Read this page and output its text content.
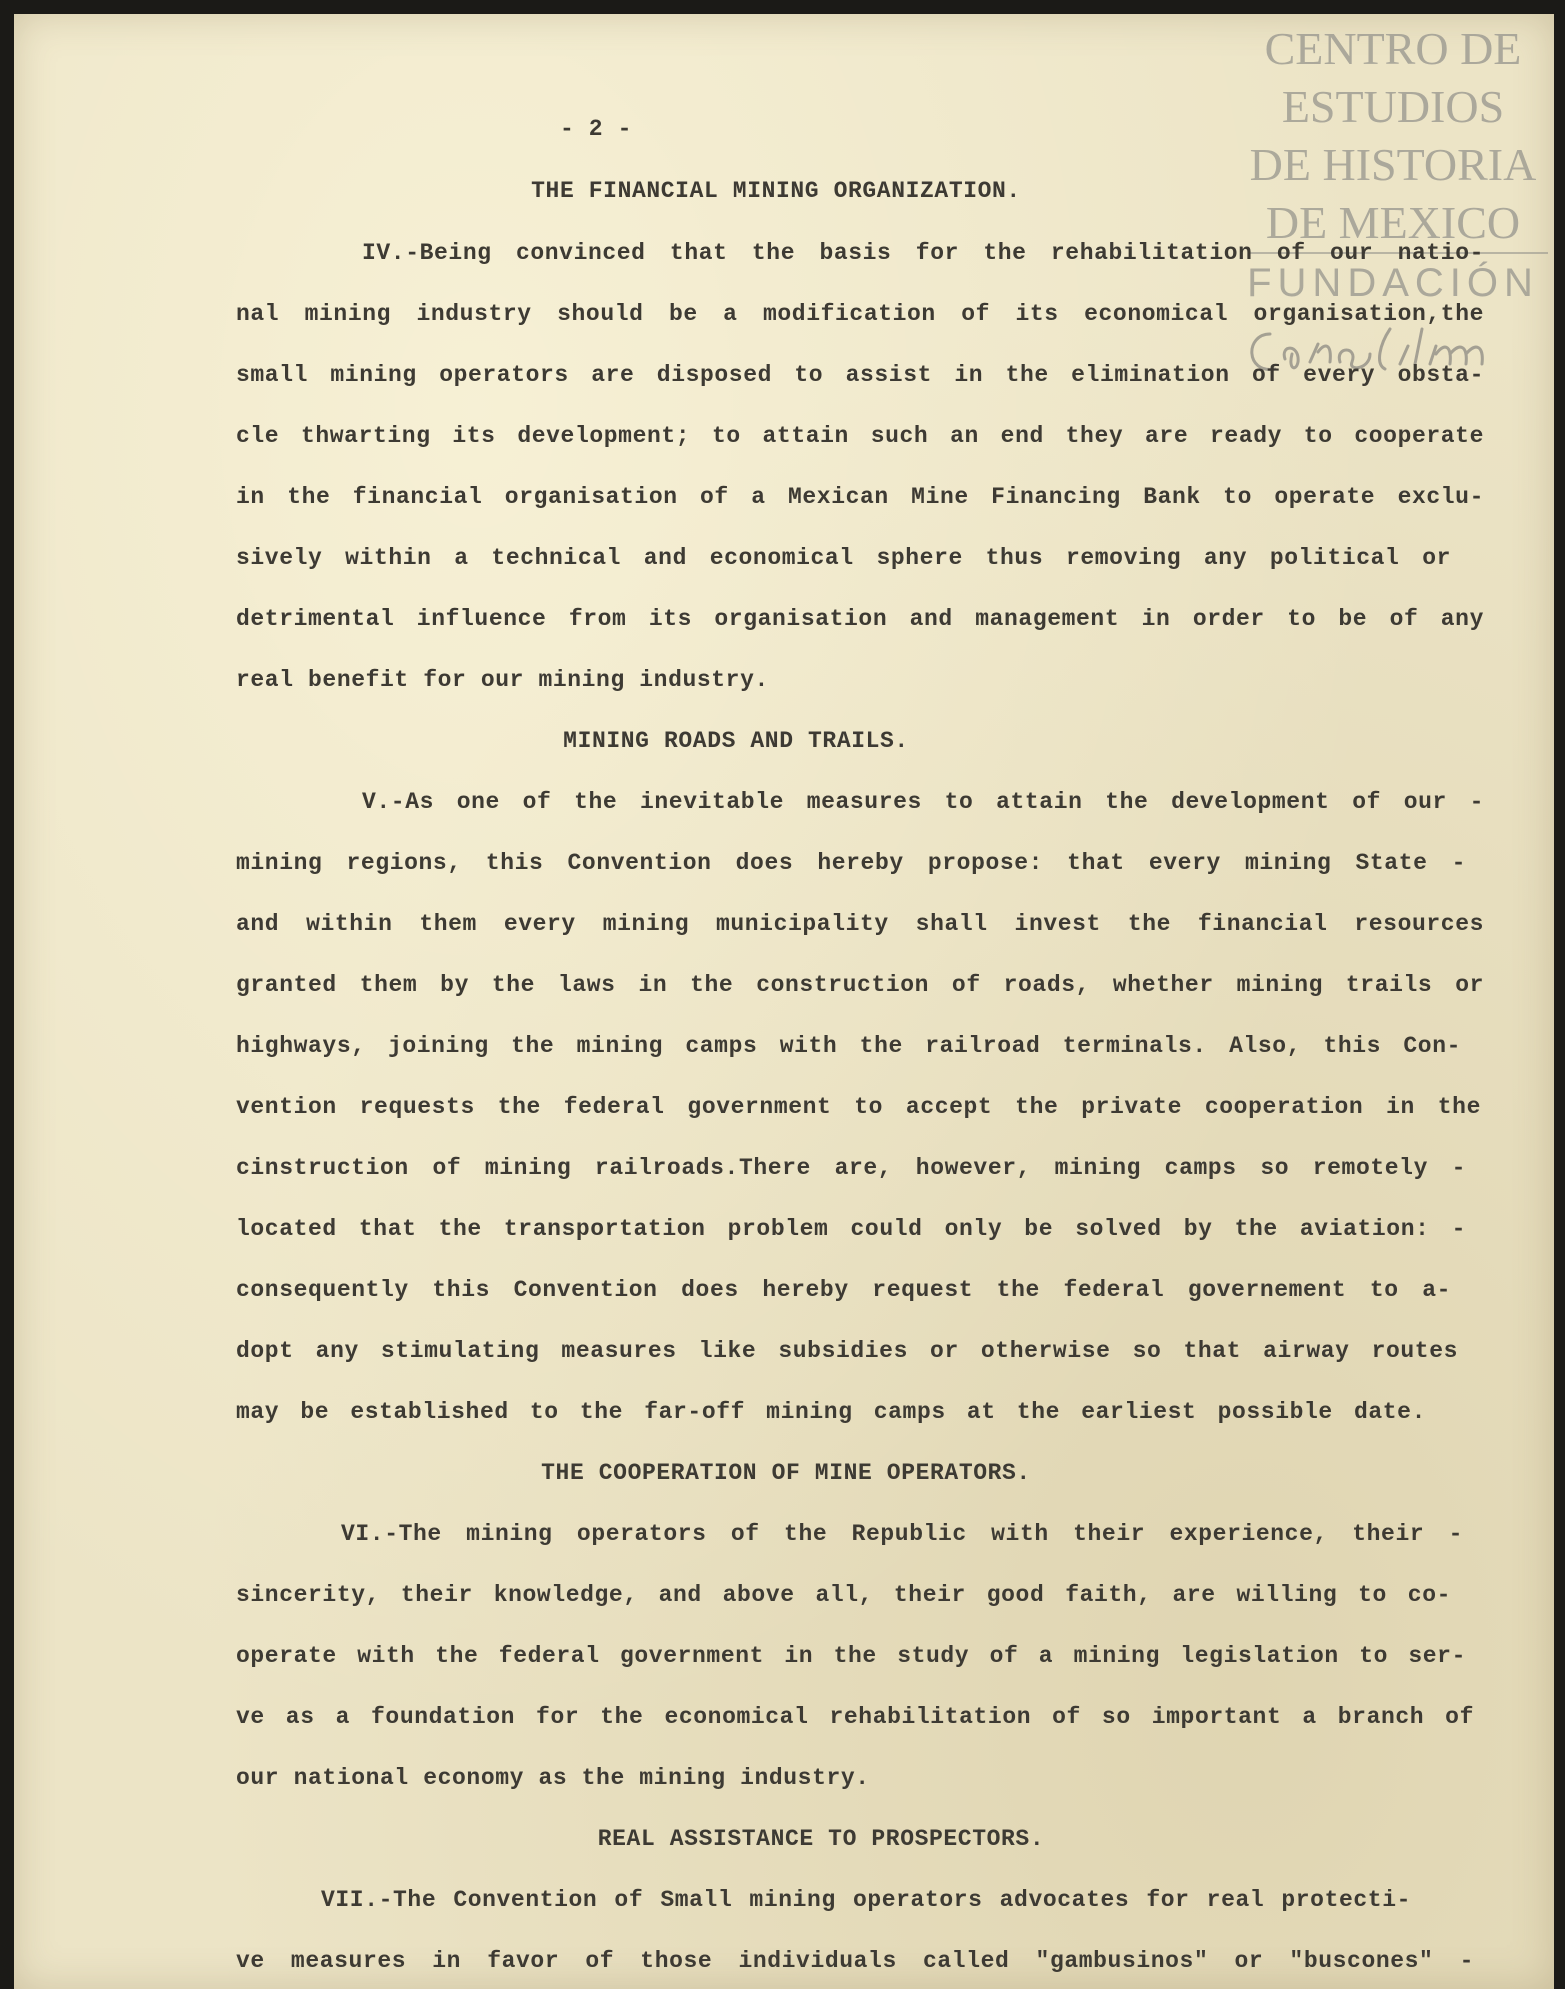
CENTRO DE
ESTUDIOS
DE HISTORIA
DE MEXICO
FUNDACIÓN
- 2 -
THE FINANCIAL MINING ORGANIZATION.
IV.-Being convinced that the basis for the rehabilitation of our natio-
nal mining industry should be a modification of its economical organisation,the
small mining operators are disposed to assist in the elimination of every obsta-
cle thwarting its development; to attain such an end they are ready to cooperate
in the financial organisation of a Mexican Mine Financing Bank to operate exclu-
sively within a technical and economical sphere thus removing any political or
detrimental influence from its organisation and management in order to be of any
real benefit for our mining industry.
MINING ROADS AND TRAILS.
V.-As one of the inevitable measures to attain the development of our -
mining regions, this Convention does hereby propose: that every mining State -
and within them every mining municipality shall invest the financial resources
granted them by the laws in the construction of roads, whether mining trails or
highways, joining the mining camps with the railroad terminals. Also, this Con-
vention requests the federal government to accept the private cooperation in the
cinstruction of mining railroads.There are, however, mining camps so remotely -
located that the transportation problem could only be solved by the aviation: -
consequently this Convention does hereby request the federal governement to a-
dopt any stimulating measures like subsidies or otherwise so that airway routes
may be established to the far-off mining camps at the earliest possible date.
THE COOPERATION OF MINE OPERATORS.
VI.-The mining operators of the Republic with their experience, their -
sincerity, their knowledge, and above all, their good faith, are willing to co-
operate with the federal government in the study of a mining legislation to ser-
ve as a foundation for the economical rehabilitation of so important a branch of
our national economy as the mining industry.
REAL ASSISTANCE TO PROSPECTORS.
VII.-The Convention of Small mining operators advocates for real protecti-
ve measures in favor of those individuals called "gambusinos" or "buscones" -
